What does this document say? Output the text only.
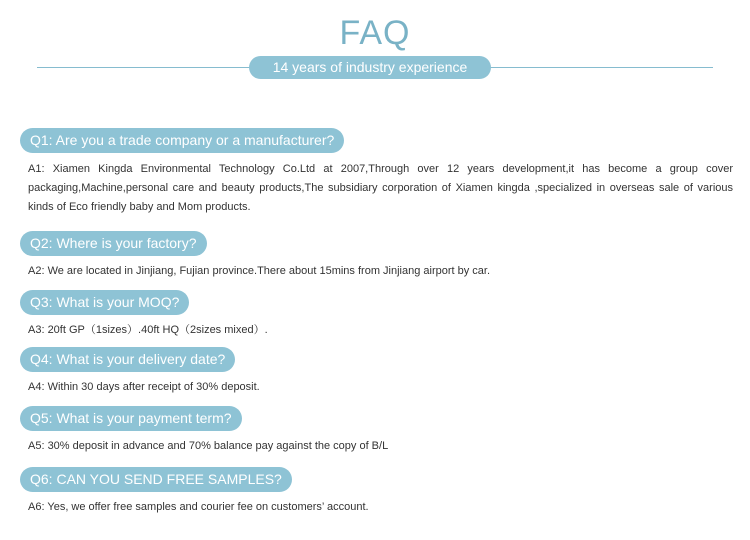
FAQ
14 years of industry experience
Q1: Are you a trade company or a manufacturer?
A1: Xiamen Kingda Environmental Technology Co.Ltd at 2007,Through over 12 years development,it has become a group cover packaging,Machine,personal care and beauty products,The subsidiary corporation of Xiamen kingda ,specialized in overseas sale of various kinds of Eco friendly baby and Mom products.
Q2: Where is your factory?
A2: We are located in Jinjiang, Fujian province.There about 15mins from Jinjiang airport by car.
Q3: What is your MOQ?
A3: 20ft GP（1sizes）.40ft HQ（2sizes mixed）.
Q4: What is your delivery date?
A4: Within 30 days after receipt of 30% deposit.
Q5: What is your payment term?
A5: 30% deposit in advance and 70% balance pay against the copy of B/L
Q6: CAN YOU SEND FREE SAMPLES?
A6: Yes, we offer free samples and courier fee on customers’ account.
